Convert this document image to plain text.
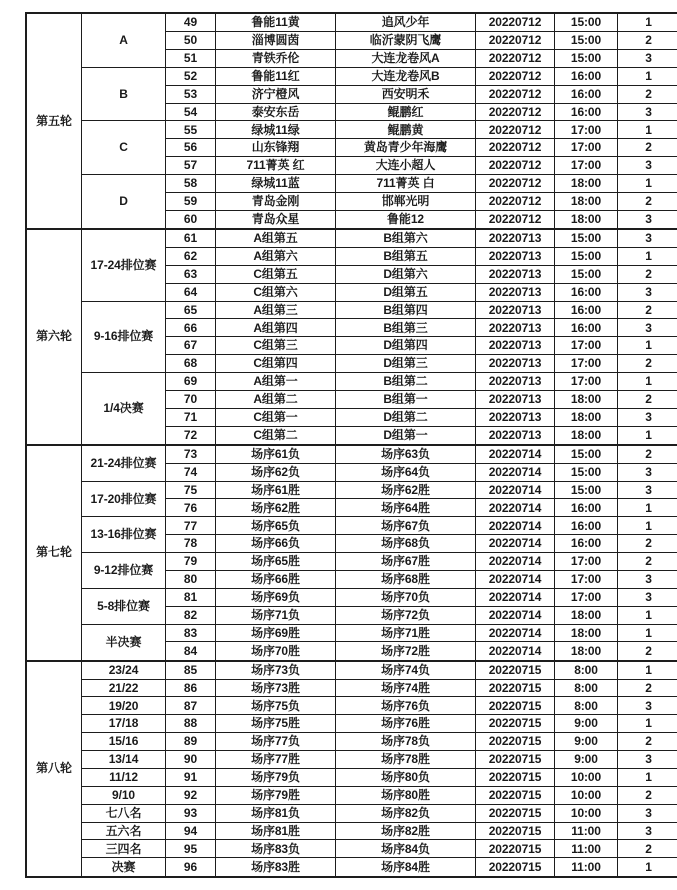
第五轮	A	49	鲁能11黄	追风少年	20220712	15:00	1
		50	淄博圆茵	临沂蒙阴飞鹰	20220712	15:00	2
		51	青铁乔伦	大连龙卷风A	20220712	15:00	3
	B	52	鲁能11红	大连龙卷风B	20220712	16:00	1
		53	济宁橙风	西安明禾	20220712	16:00	2
		54	泰安东岳	鲲鹏红	20220712	16:00	3
	C	55	绿城11绿	鲲鹏黄	20220712	17:00	1
		56	山东锋翔	黄岛青少年海鹰	20220712	17:00	2
		57	711菁英 红	大连小超人	20220712	17:00	3
	D	58	绿城11蓝	711菁英 白	20220712	18:00	1
		59	青岛金刚	邯郸光明	20220712	18:00	2
		60	青岛众星	鲁能12	20220712	18:00	3
第六轮	17-24排位赛	61	A组第五	B组第六	20220713	15:00	3
		62	A组第六	B组第五	20220713	15:00	1
		63	C组第五	D组第六	20220713	15:00	2
		64	C组第六	D组第五	20220713	16:00	3
	9-16排位赛	65	A组第三	B组第四	20220713	16:00	2
		66	A组第四	B组第三	20220713	16:00	3
		67	C组第三	D组第四	20220713	17:00	1
		68	C组第四	D组第三	20220713	17:00	2
	1/4决赛	69	A组第一	B组第二	20220713	17:00	1
		70	A组第二	B组第一	20220713	18:00	2
		71	C组第一	D组第二	20220713	18:00	3
		72	C组第二	D组第一	20220713	18:00	1
第七轮	21-24排位赛	73	场序61负	场序63负	20220714	15:00	2
		74	场序62负	场序64负	20220714	15:00	3
	17-20排位赛	75	场序61胜	场序62胜	20220714	15:00	3
		76	场序62胜	场序64胜	20220714	16:00	1
	13-16排位赛	77	场序65负	场序67负	20220714	16:00	1
		78	场序66负	场序68负	20220714	16:00	2
	9-12排位赛	79	场序65胜	场序67胜	20220714	17:00	2
		80	场序66胜	场序68胜	20220714	17:00	3
	5-8排位赛	81	场序69负	场序70负	20220714	17:00	3
		82	场序71负	场序72负	20220714	18:00	1
	半决赛	83	场序69胜	场序71胜	20220714	18:00	1
		84	场序70胜	场序72胜	20220714	18:00	2
第八轮	23/24	85	场序73负	场序74负	20220715	8:00	1
	21/22	86	场序73胜	场序74胜	20220715	8:00	2
	19/20	87	场序75负	场序76负	20220715	8:00	3
	17/18	88	场序75胜	场序76胜	20220715	9:00	1
	15/16	89	场序77负	场序78负	20220715	9:00	2
	13/14	90	场序77胜	场序78胜	20220715	9:00	3
	11/12	91	场序79负	场序80负	20220715	10:00	1
	9/10	92	场序79胜	场序80胜	20220715	10:00	2
	七八名	93	场序81负	场序82负	20220715	10:00	3
	五六名	94	场序81胜	场序82胜	20220715	11:00	3
	三四名	95	场序83负	场序84负	20220715	11:00	2
	决赛	96	场序83胜	场序84胜	20220715	11:00	1
